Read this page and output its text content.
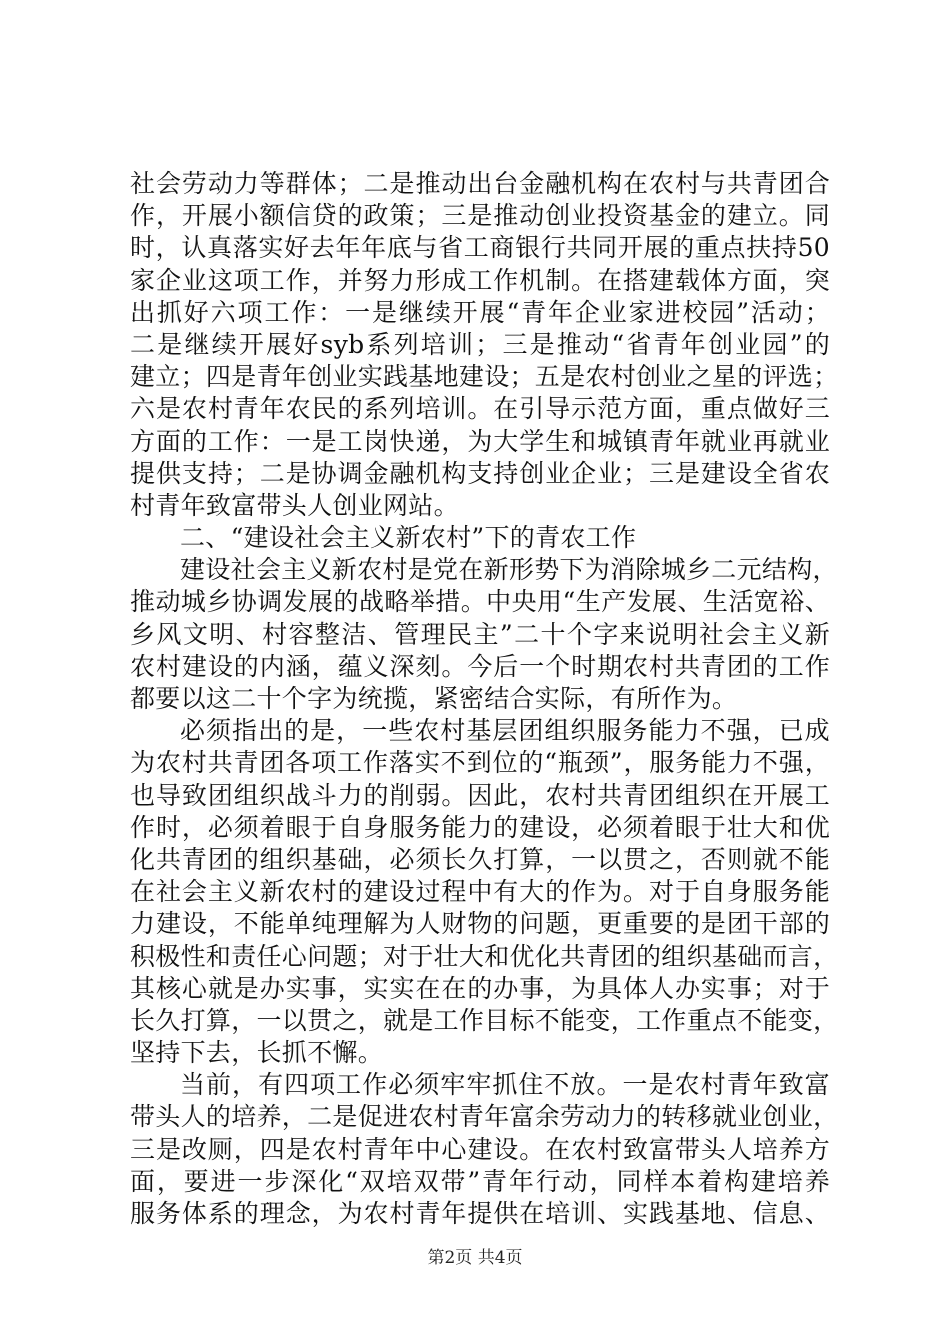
社会劳动力等群体；二是推动出台金融机构在农村与共青团合
作，开展小额信贷的政策；三是推动创业投资基金的建立。同
时，认真落实好去年年底与省工商银行共同开展的重点扶持50
家企业这项工作，并努力形成工作机制。在搭建载体方面，突
出抓好六项工作：一是继续开展“青年企业家进校园”活动；
二是继续开展好syb系列培训；三是推动“省青年创业园”的
建立；四是青年创业实践基地建设；五是农村创业之星的评选；
六是农村青年农民的系列培训。在引导示范方面，重点做好三
方面的工作：一是工岗快递，为大学生和城镇青年就业再就业
提供支持；二是协调金融机构支持创业企业；三是建设全省农
村青年致富带头人创业网站。
二、“建设社会主义新农村”下的青农工作
建设社会主义新农村是党在新形势下为消除城乡二元结构，
推动城乡协调发展的战略举措。中央用“生产发展、生活宽裕、
乡风文明、村容整洁、管理民主”二十个字来说明社会主义新
农村建设的内涵，蕴义深刻。今后一个时期农村共青团的工作
都要以这二十个字为统揽，紧密结合实际，有所作为。
必须指出的是，一些农村基层团组织服务能力不强，已成
为农村共青团各项工作落实不到位的“瓶颈”，服务能力不强，
也导致团组织战斗力的削弱。因此，农村共青团组织在开展工
作时，必须着眼于自身服务能力的建设，必须着眼于壮大和优
化共青团的组织基础，必须长久打算，一以贯之，否则就不能
在社会主义新农村的建设过程中有大的作为。对于自身服务能
力建设，不能单纯理解为人财物的问题，更重要的是团干部的
积极性和责任心问题；对于壮大和优化共青团的组织基础而言，
其核心就是办实事，实实在在的办事，为具体人办实事；对于
长久打算，一以贯之，就是工作目标不能变，工作重点不能变，
坚持下去，长抓不懈。
当前，有四项工作必须牢牢抓住不放。一是农村青年致富
带头人的培养，二是促进农村青年富余劳动力的转移就业创业，
三是改厕，四是农村青年中心建设。在农村致富带头人培养方
面，要进一步深化“双培双带”青年行动，同样本着构建培养
服务体系的理念，为农村青年提供在培训、实践基地、信息、
第2页 共4页
